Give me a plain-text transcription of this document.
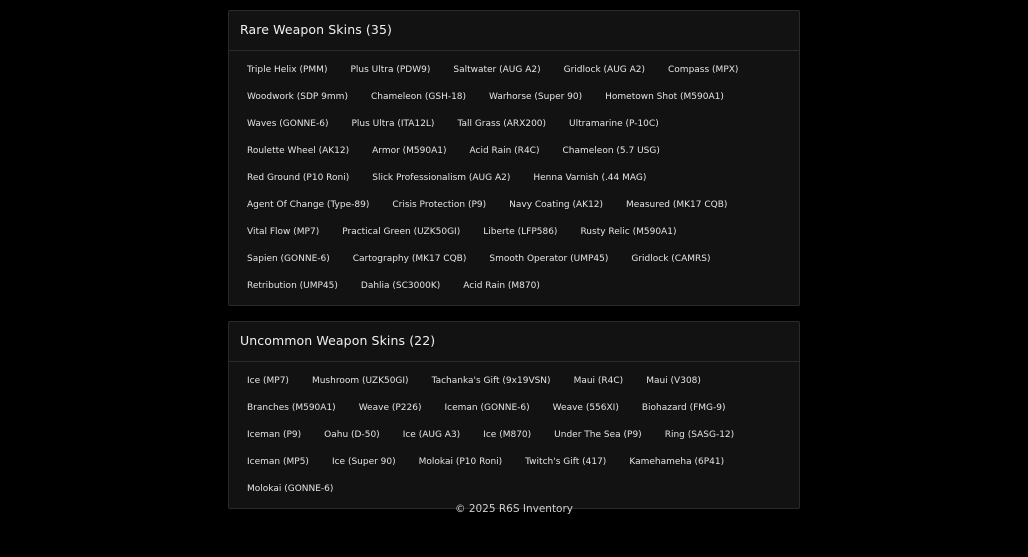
Rare Weapon Skins (35)
Triple Helix (PMM)	Plus Ultra (PDW9)	Saltwater (AUG A2)	Gridlock (AUG A2)	Compass (MPX)
Woodwork (SDP 9mm)	Chameleon (GSH-18)	Warhorse (Super 90)	Hometown Shot (M590A1)
Waves (GONNE-6)	Plus Ultra (ITA12L)	Tall Grass (ARX200)	Ultramarine (P-10C)
Roulette Wheel (AK12)	Armor (M590A1)	Acid Rain (R4C)	Chameleon (5.7 USG)
Red Ground (P10 Roni)	Slick Professionalism (AUG A2)	Henna Varnish (.44 MAG)
Agent Of Change (Type-89)	Crisis Protection (P9)	Navy Coating (AK12)	Measured (MK17 CQB)
Vital Flow (MP7)	Practical Green (UZK50GI)	Liberte (LFP586)	Rusty Relic (M590A1)
Sapien (GONNE-6)	Cartography (MK17 CQB)	Smooth Operator (UMP45)	Gridlock (CAMRS)
Retribution (UMP45)	Dahlia (SC3000K)	Acid Rain (M870)
Uncommon Weapon Skins (22)
Ice (MP7)	Mushroom (UZK50GI)	Tachanka's Gift (9x19VSN)	Maui (R4C)	Maui (V308)
Branches (M590A1)	Weave (P226)	Iceman (GONNE-6)	Weave (556XI)	Biohazard (FMG-9)
Iceman (P9)	Oahu (D-50)	Ice (AUG A3)	Ice (M870)	Under The Sea (P9)	Ring (SASG-12)
Iceman (MP5)	Ice (Super 90)	Molokai (P10 Roni)	Twitch's Gift (417)	Kamehameha (6P41)
Molokai (GONNE-6)
© 2025 R6S Inventory
